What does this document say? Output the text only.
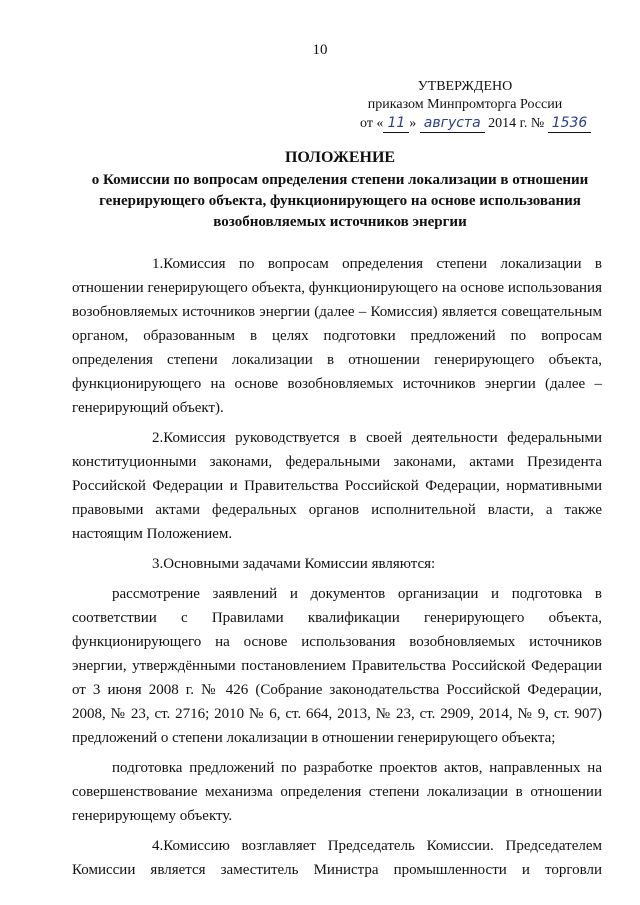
10
УТВЕРЖДЕНО
приказом Минпромторга России
от « 11 » августа 2014 г. № 1536
ПОЛОЖЕНИЕ
о Комиссии по вопросам определения степени локализации в отношении
генерирующего объекта, функционирующего на основе использования
возобновляемых источников энергии

1.Комиссия по вопросам определения степени локализации в отношении генерирующего объекта, функционирующего на основе использования возобновляемых источников энергии (далее – Комиссия) является совещательным органом, образованным в целях подготовки предложений по вопросам определения степени локализации в отношении генерирующего объекта, функционирующего на основе возобновляемых источников энергии (далее – генерирующий объект).

2.Комиссия руководствуется в своей деятельности федеральными конституционными законами, федеральными законами, актами Президента Российской Федерации и Правительства Российской Федерации, нормативными правовыми актами федеральных органов исполнительной власти, а также настоящим Положением.

3.Основными задачами Комиссии являются:

рассмотрение заявлений и документов организации и подготовка в соответствии с Правилами квалификации генерирующего объекта, функционирующего на основе использования возобновляемых источников энергии, утверждёнными постановлением Правительства Российской Федерации от 3 июня 2008 г. № 426 (Собрание законодательства Российской Федерации, 2008, № 23, ст. 2716; 2010 № 6, ст. 664, 2013, № 23, ст. 2909, 2014, № 9, ст. 907) предложений о степени локализации в отношении генерирующего объекта;

подготовка предложений по разработке проектов актов, направленных на совершенствование механизма определения степени локализации в отношении генерирующему объекту.

4.Комиссию возглавляет Председатель Комиссии. Председателем Комиссии является заместитель Министра промышленности и торговли
